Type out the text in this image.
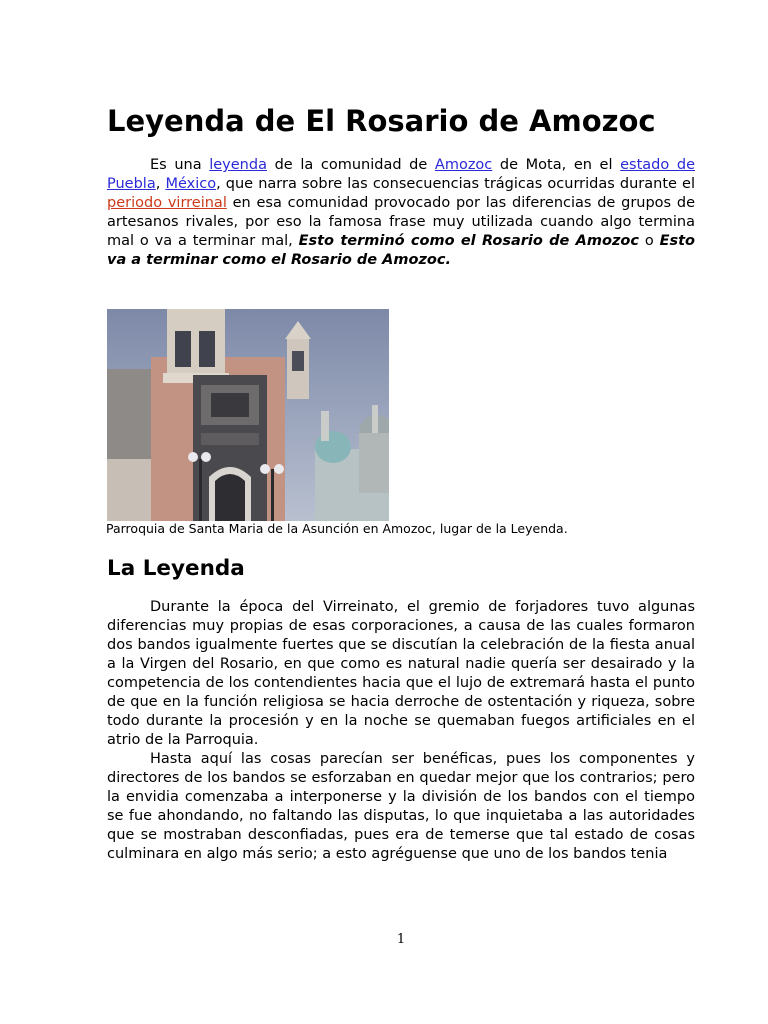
Leyenda de El Rosario de Amozoc

Es una leyenda de la comunidad de Amozoc de Mota, en el estado de Puebla, México, que narra sobre las consecuencias trágicas ocurridas durante el periodo virreinal en esa comunidad provocado por las diferencias de grupos de artesanos rivales, por eso la famosa frase muy utilizada cuando algo termina mal o va a terminar mal, Esto terminó como el Rosario de Amozoc o Esto va a terminar como el Rosario de Amozoc.

Parroquia de Santa Maria de la Asunción en Amozoc, lugar de la Leyenda.
La Leyenda

Durante la época del Virreinato, el gremio de forjadores tuvo algunas diferencias muy propias de esas corporaciones, a causa de las cuales formaron dos bandos igualmente fuertes que se discutían la celebración de la fiesta anual a la Virgen del Rosario, en que como es natural nadie quería ser desairado y la competencia de los contendientes hacia que el lujo de extremará hasta el punto de que en la función religiosa se hacia derroche de ostentación y riqueza, sobre todo durante la procesión y en la noche se quemaban fuegos artificiales en el atrio de la Parroquia.

Hasta aquí las cosas parecían ser benéficas, pues los componentes y directores de los bandos se esforzaban en quedar mejor que los contrarios; pero la envidia comenzaba a interponerse y la división de los bandos con el tiempo se fue ahondando, no faltando las disputas, lo que inquietaba a las autoridades que se mostraban desconfiadas, pues era de temerse que tal estado de cosas culminara en algo más serio; a esto agréguense que uno de los bandos tenia

1
